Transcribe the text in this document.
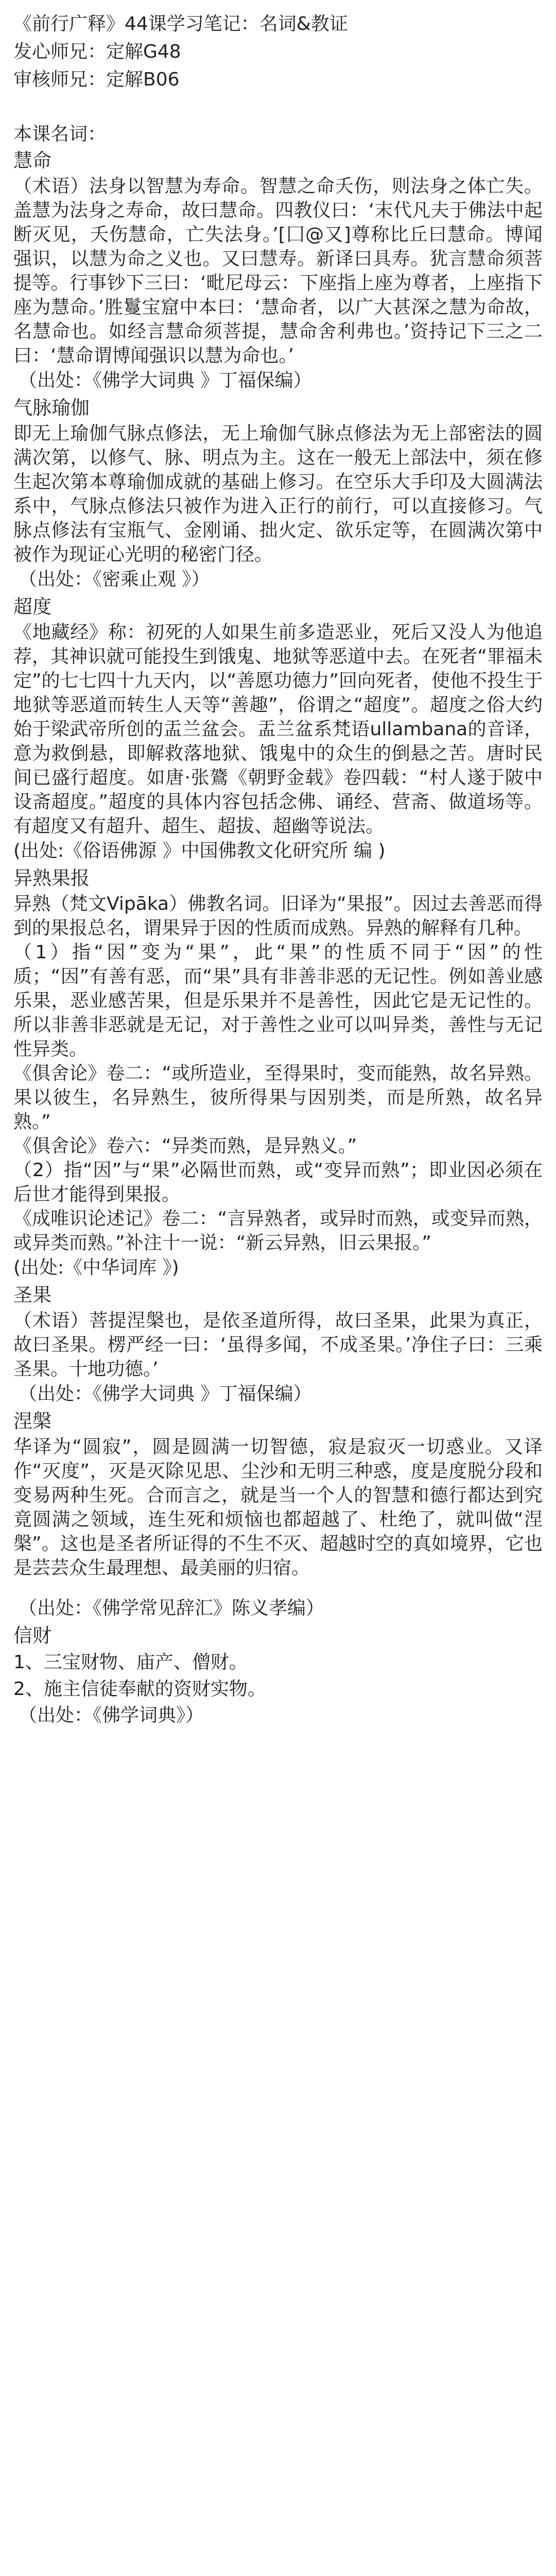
《前行广释》44课学习笔记：名词&教证

发心师兄：定解G48

审核师兄：定解B06

本课名词：

慧命

（术语）法身以智慧为寿命。智慧之命夭伤，则法身之体亡失。盖慧为法身之寿命，故曰慧命。四教仪曰：‘末代凡夫于佛法中起断灭见，夭伤慧命，亡失法身。’[囗@又]尊称比丘曰慧命。博闻强识，以慧为命之义也。又曰慧寿。新译曰具寿。犹言慧命须菩提等。行事钞下三曰：‘毗尼母云：下座指上座为尊者，上座指下座为慧命。’胜鬘宝窟中本曰：‘慧命者，以广大甚深之慧为命故，名慧命也。如经言慧命须菩提，慧命舍利弗也。’资持记下三之二曰：‘慧命谓博闻强识以慧为命也。’

（出处：《佛学大词典 》丁福保编）

气脉瑜伽

即无上瑜伽气脉点修法，无上瑜伽气脉点修法为无上部密法的圆满次第，以修气、脉、明点为主。这在一般无上部法中，须在修生起次第本尊瑜伽成就的基础上修习。在空乐大手印及大圆满法系中，气脉点修法只被作为进入正行的前行，可以直接修习。气脉点修法有宝瓶气、金刚诵、拙火定、欲乐定等，在圆满次第中被作为现证心光明的秘密门径。

（出处：《密乘止观 》）

超度

《地藏经》称：初死的人如果生前多造恶业，死后又没人为他追荐，其神识就可能投生到饿鬼、地狱等恶道中去。在死者“罪福未定”的七七四十九天内，以“善愿功德力”回向死者，使他不投生于地狱等恶道而转生人天等“善趣”，俗谓之“超度”。超度之俗大约始于梁武帝所创的盂兰盆会。盂兰盆系梵语ullambana的音译，意为救倒悬，即解救落地狱、饿鬼中的众生的倒悬之苦。唐时民间已盛行超度。如唐·张鷟《朝野金载》卷四载：“村人遂于陂中设斋超度。”超度的具体内容包括念佛、诵经、营斋、做道场等。有超度又有超升、超生、超拔、超幽等说法。

(出处:《俗语佛源 》中国佛教文化研究所 编 )

异熟果报

异熟（梵文Vipāka）佛教名词。旧译为“果报”。因过去善恶而得到的果报总名，谓果异于因的性质而成熟。异熟的解释有几种。

（1）指“因”变为“果”，此“果”的性质不同于“因”的性质；“因”有善有恶，而“果”具有非善非恶的无记性。例如善业感乐果，恶业感苦果，但是乐果并不是善性，因此它是无记性的。所以非善非恶就是无记，对于善性之业可以叫异类，善性与无记性异类。

《俱舍论》卷二：“或所造业，至得果时，变而能熟，故名异熟。果以彼生，名异熟生，彼所得果与因别类，而是所熟，故名异熟。”

《俱舍论》卷六：“异类而熟，是异熟义。”

（2）指“因”与“果”必隔世而熟，或“变异而熟”；即业因必须在后世才能得到果报。

《成唯识论述记》卷二：“言异熟者，或异时而熟，或变异而熟，或异类而熟。”补注十一说：“新云异熟，旧云果报。”

(出处:《中华词库 》)

圣果

（术语）菩提涅槃也，是依圣道所得，故曰圣果，此果为真正，故曰圣果。楞严经一曰：‘虽得多闻，不成圣果。’净住子曰：三乘圣果。十地功德。’

（出处：《佛学大词典 》丁福保编）

涅槃

华译为“圆寂”，圆是圆满一切智德，寂是寂灭一切惑业。又译作“灭度”，灭是灭除见思、尘沙和无明三种惑，度是度脱分段和变易两种生死。合而言之，就是当一个人的智慧和德行都达到究竟圆满之领域，连生死和烦恼也都超越了、杜绝了，就叫做“涅槃”。这也是圣者所证得的不生不灭、超越时空的真如境界，它也是芸芸众生最理想、最美丽的归宿。

（出处：《佛学常见辞汇》陈义孝编）

信财

1、三宝财物、庙产、僧财。

2、施主信徒奉献的资财实物。

（出处：《佛学词典》）
